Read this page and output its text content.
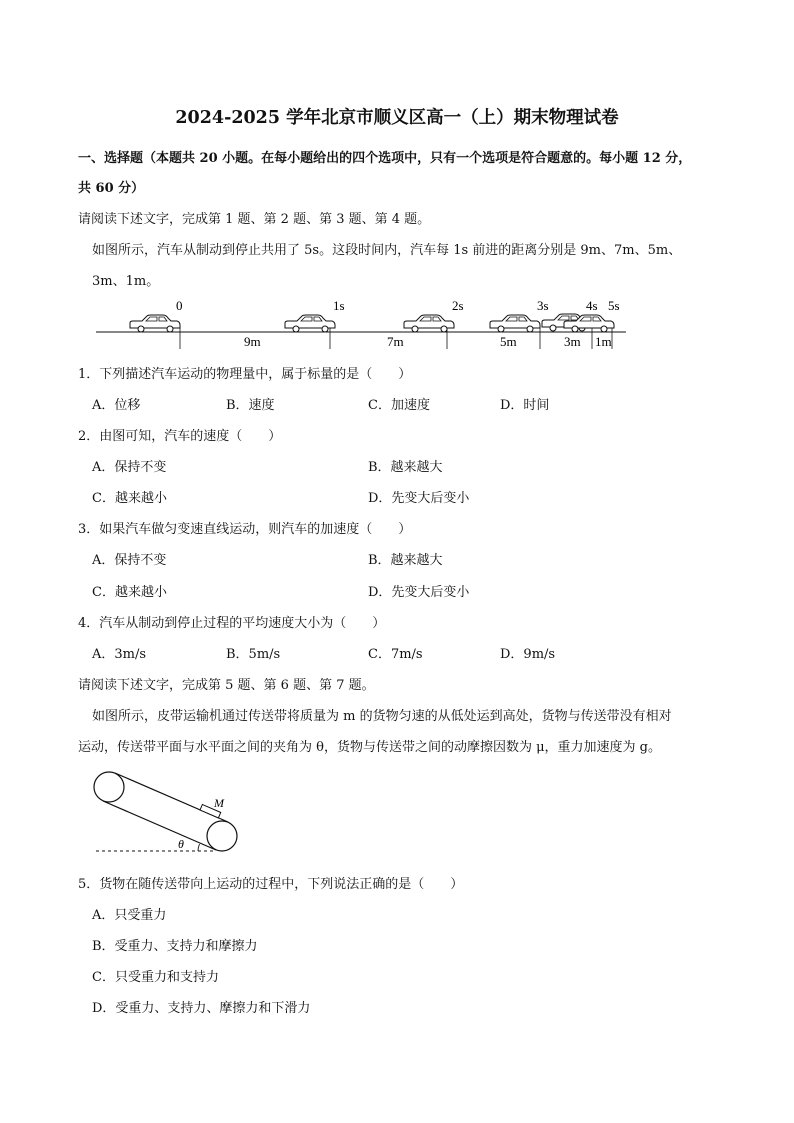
2024-2025 学年北京市顺义区高一（上）期末物理试卷
一、选择题（本题共 20 小题。在每小题给出的四个选项中，只有一个选项是符合题意的。每小题 12 分，
共 60 分）
请阅读下述文字，完成第 1 题、第 2 题、第 3 题、第 4 题。
如图所示，汽车从制动到停止共用了 5s。这段时间内，汽车每 1s 前进的距离分别是 9m、7m、5m、
3m、1m。
0	1s	2s	3s	4s 5s
9m	7m	5m	3m 1m
1．下列描述汽车运动的物理量中，属于标量的是（　　）
A．位移	B．速度	C．加速度	D．时间
2．由图可知，汽车的速度（　　）
A．保持不变	B．越来越大
C．越来越小	D．先变大后变小
3．如果汽车做匀变速直线运动，则汽车的加速度（　　）
A．保持不变	B．越来越大
C．越来越小	D．先变大后变小
4．汽车从制动到停止过程的平均速度大小为（　　）
A．3m/s	B．5m/s	C．7m/s	D．9m/s
请阅读下述文字，完成第 5 题、第 6 题、第 7 题。
如图所示，皮带运输机通过传送带将质量为 m 的货物匀速的从低处运到高处，货物与传送带没有相对
运动，传送带平面与水平面之间的夹角为 θ，货物与传送带之间的动摩擦因数为 μ，重力加速度为 g。
M
θ
5．货物在随传送带向上运动的过程中，下列说法正确的是（　　）
A．只受重力
B．受重力、支持力和摩擦力
C．只受重力和支持力
D．受重力、支持力、摩擦力和下滑力
